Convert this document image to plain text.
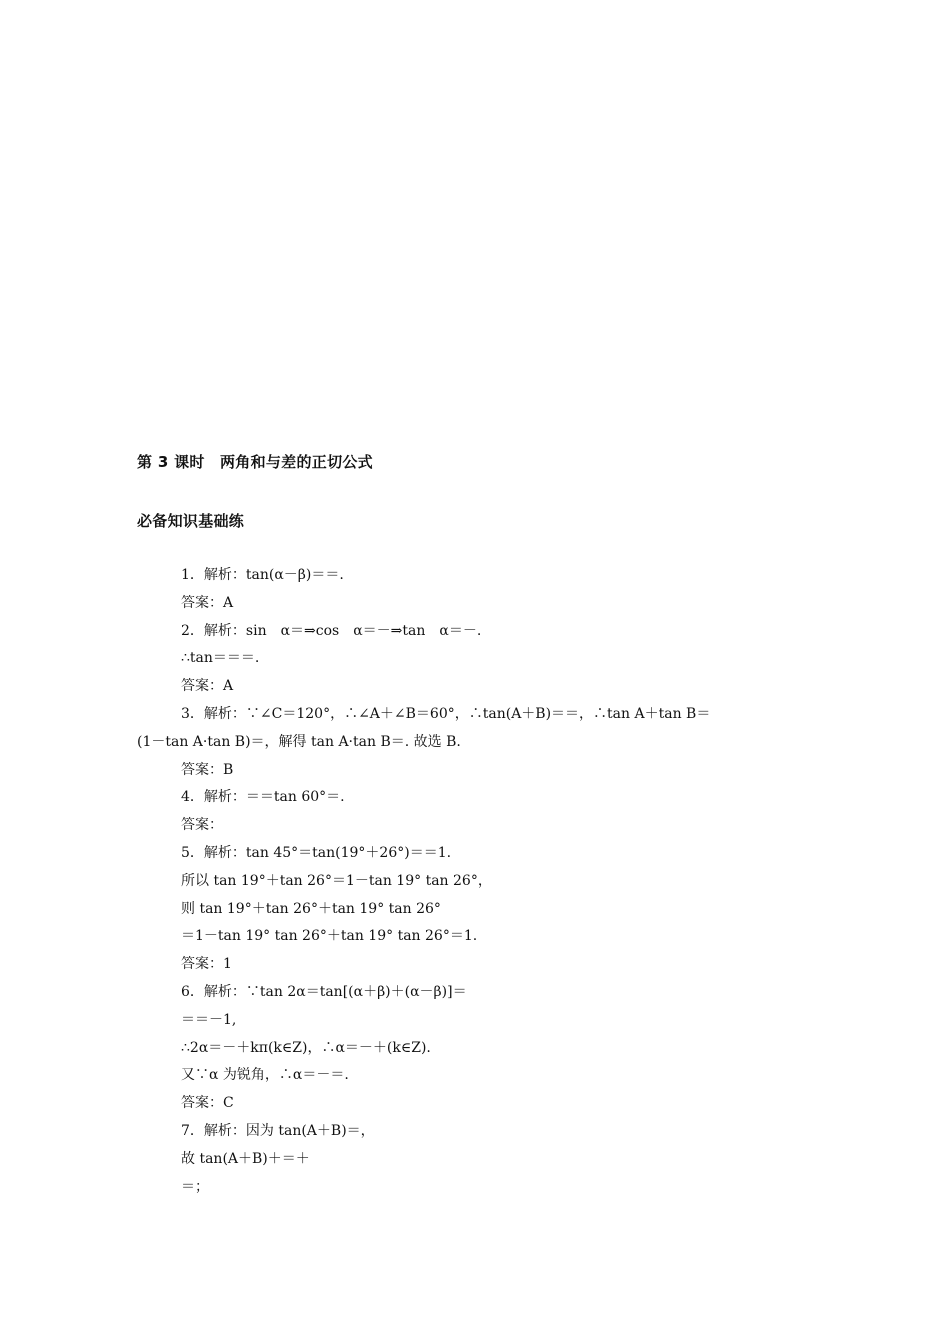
第 3 课时　两角和与差的正切公式
必备知识基础练
1．解析：tan(α－β)＝＝.
答案：A
2．解析：sin　α＝⇒cos　α＝－⇒tan　α＝－.
∴tan＝＝＝.
答案：A
3．解析：∵∠C＝120°，∴∠A＋∠B＝60°，∴tan(A＋B)＝＝，∴tan A＋tan B＝
(1－tan A·tan B)＝，解得 tan A·tan B＝. 故选 B.
答案：B
4．解析：＝＝tan 60°＝.
答案：
5．解析：tan 45°＝tan(19°＋26°)＝＝1.
所以 tan 19°＋tan 26°＝1－tan 19° tan 26°，
则 tan 19°＋tan 26°＋tan 19° tan 26°
＝1－tan 19° tan 26°＋tan 19° tan 26°＝1.
答案：1
6．解析：∵tan 2α＝tan[(α＋β)＋(α－β)]＝
＝＝－1,
∴2α＝－＋kπ(k∈Z)，∴α＝－＋(k∈Z).
又∵α 为锐角，∴α＝－＝.
答案：C
7．解析：因为 tan(A＋B)＝，
故 tan(A＋B)＋＝＋
＝；
